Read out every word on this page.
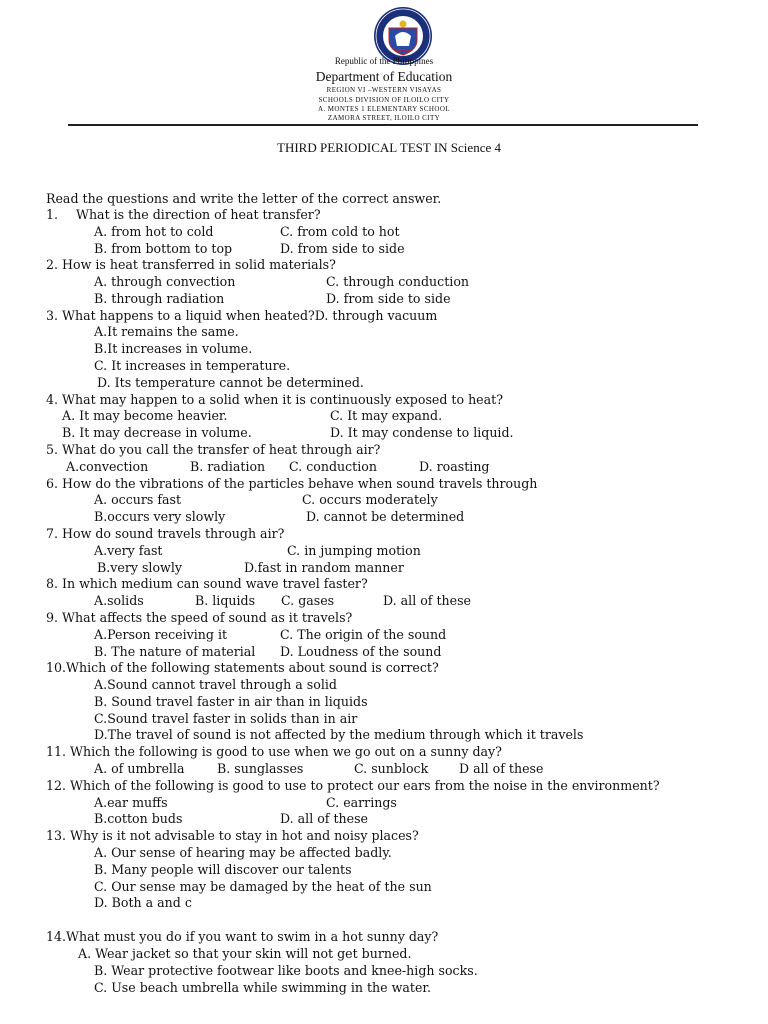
Republic of the Philippines
Department of Education
REGION VI –WESTERN VISAYAS
SCHOOLS DIVISION OF ILOILO CITY
A. MONTES 1 ELEMENTARY SCHOOL
ZAMORA STREET, ILOILO CITY
THIRD PERIODICAL TEST IN Science 4
Read the questions and write the letter of the correct answer.
1. What is the direction of heat transfer?
A. from hot to cold	C. from cold to hot
B. from bottom to top	D. from side to side
2. How is heat transferred in solid materials?
A. through convection	C. through conduction
B. through radiation	D. from side to side
3. What happens to a liquid when heated?D. through vacuum
A.It remains the same.
B.It increases in volume.
C. It increases in temperature.
D. Its temperature cannot be determined.
4. What may happen to a solid when it is continuously exposed to heat?
A. It may become heavier.	C. It may expand.
B. It may decrease in volume.	D. It may condense to liquid.
5. What do you call the transfer of heat through air?
A.convection	B. radiation C. conduction	D. roasting
6. How do the vibrations of the particles behave when sound travels through
A. occurs fast	C. occurs moderately
B.occurs very slowly	D. cannot be determined
7. How do sound travels through air?
A.very fast	C. in jumping motion
B.very slowly	D.fast in random manner
8. In which medium can sound wave travel faster?
A.solids	B. liquids C. gases	D. all of these
9. What affects the speed of sound as it travels?
A.Person receiving it	C. The origin of the sound
B. The nature of material D. Loudness of the sound
10.Which of the following statements about sound is correct?
A.Sound cannot travel through a solid
B. Sound travel faster in air than in liquids
C.Sound travel faster in solids than in air
D.The travel of sound is not affected by the medium through which it travels
11. Which the following is good to use when we go out on a sunny day?
A. of umbrella	B. sunglasses	C. sunblock D all of these
12. Which of the following is good to use to protect our ears from the noise in the environment?
A.ear muffs	C. earrings
B.cotton buds	D. all of these
13. Why is it not advisable to stay in hot and noisy places?
A. Our sense of hearing may be affected badly.
B. Many people will discover our talents
C. Our sense may be damaged by the heat of the sun
D. Both a and c
14.What must you do if you want to swim in a hot sunny day?
A. Wear jacket so that your skin will not get burned.
B. Wear protective footwear like boots and knee-high socks.
C. Use beach umbrella while swimming in the water.
